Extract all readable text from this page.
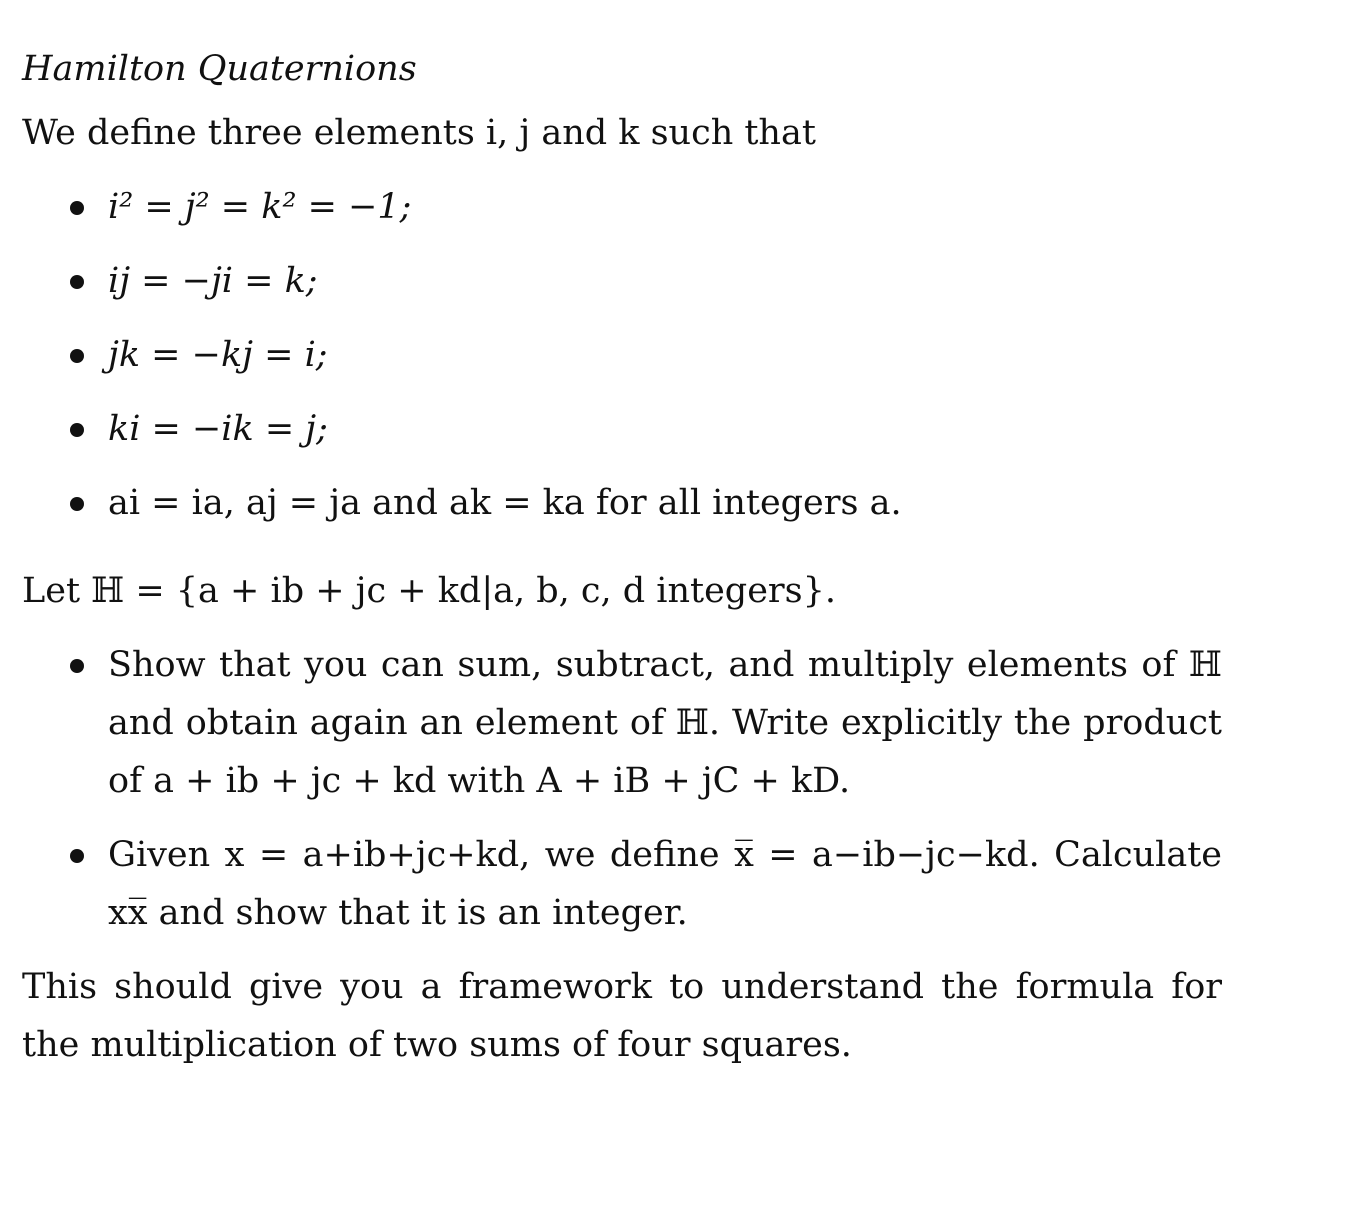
Hamilton Quaternions

We define three elements i, j and k such that

i² = j² = k² = −1;
ij = −ji = k;
jk = −kj = i;
ki = −ik = j;
ai = ia, aj = ja and ak = ka for all integers a.

Let ℍ = {a + ib + jc + kd|a, b, c, d integers}.

Show that you can sum, subtract, and multiply elements of ℍ and obtain again an element of ℍ. Write explicitly the product of a + ib + jc + kd with A + iB + jC + kD.
Given x = a+ib+jc+kd, we define x̅ = a−ib−jc−kd. Calculate xx̅ and show that it is an integer.

This should give you a framework to understand the formula for the multiplication of two sums of four squares.
